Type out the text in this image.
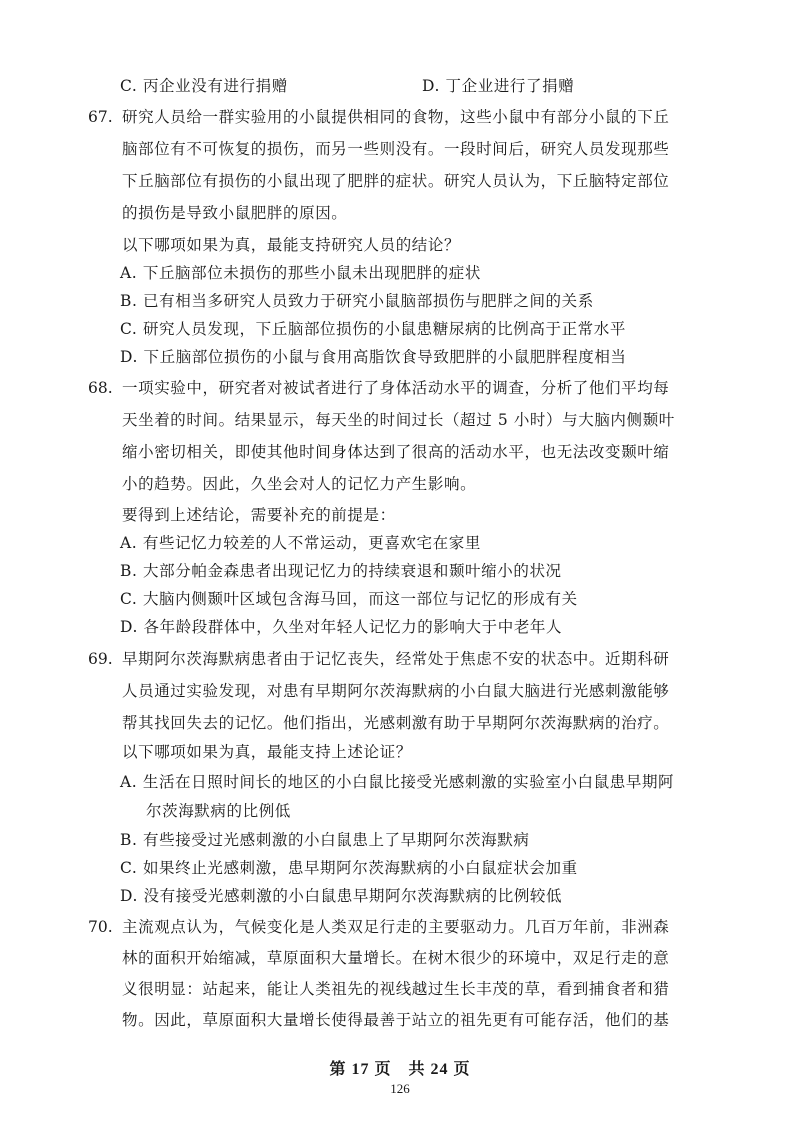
C. 丙企业没有进行捐赠	D. 丁企业进行了捐赠
67. 研究人员给一群实验用的小鼠提供相同的食物，这些小鼠中有部分小鼠的下丘
脑部位有不可恢复的损伤，而另一些则没有。一段时间后，研究人员发现那些
下丘脑部位有损伤的小鼠出现了肥胖的症状。研究人员认为，下丘脑特定部位
的损伤是导致小鼠肥胖的原因。
以下哪项如果为真，最能支持研究人员的结论？
A. 下丘脑部位未损伤的那些小鼠未出现肥胖的症状
B. 已有相当多研究人员致力于研究小鼠脑部损伤与肥胖之间的关系
C. 研究人员发现，下丘脑部位损伤的小鼠患糖尿病的比例高于正常水平
D. 下丘脑部位损伤的小鼠与食用高脂饮食导致肥胖的小鼠肥胖程度相当
68. 一项实验中，研究者对被试者进行了身体活动水平的调查，分析了他们平均每
天坐着的时间。结果显示，每天坐的时间过长（超过 5 小时）与大脑内侧颞叶
缩小密切相关，即使其他时间身体达到了很高的活动水平，也无法改变颞叶缩
小的趋势。因此，久坐会对人的记忆力产生影响。
要得到上述结论，需要补充的前提是：
A. 有些记忆力较差的人不常运动，更喜欢宅在家里
B. 大部分帕金森患者出现记忆力的持续衰退和颞叶缩小的状况
C. 大脑内侧颞叶区域包含海马回，而这一部位与记忆的形成有关
D. 各年龄段群体中，久坐对年轻人记忆力的影响大于中老年人
69. 早期阿尔茨海默病患者由于记忆丧失，经常处于焦虑不安的状态中。近期科研
人员通过实验发现，对患有早期阿尔茨海默病的小白鼠大脑进行光感刺激能够
帮其找回失去的记忆。他们指出，光感刺激有助于早期阿尔茨海默病的治疗。
以下哪项如果为真，最能支持上述论证？
A. 生活在日照时间长的地区的小白鼠比接受光感刺激的实验室小白鼠患早期阿
尔茨海默病的比例低
B. 有些接受过光感刺激的小白鼠患上了早期阿尔茨海默病
C. 如果终止光感刺激，患早期阿尔茨海默病的小白鼠症状会加重
D. 没有接受光感刺激的小白鼠患早期阿尔茨海默病的比例较低
70. 主流观点认为，气候变化是人类双足行走的主要驱动力。几百万年前，非洲森
林的面积开始缩减，草原面积大量增长。在树木很少的环境中，双足行走的意
义很明显：站起来，能让人类祖先的视线越过生长丰茂的草，看到捕食者和猎
物。因此，草原面积大量增长使得最善于站立的祖先更有可能存活，他们的基
第 17 页　共 24 页
126
